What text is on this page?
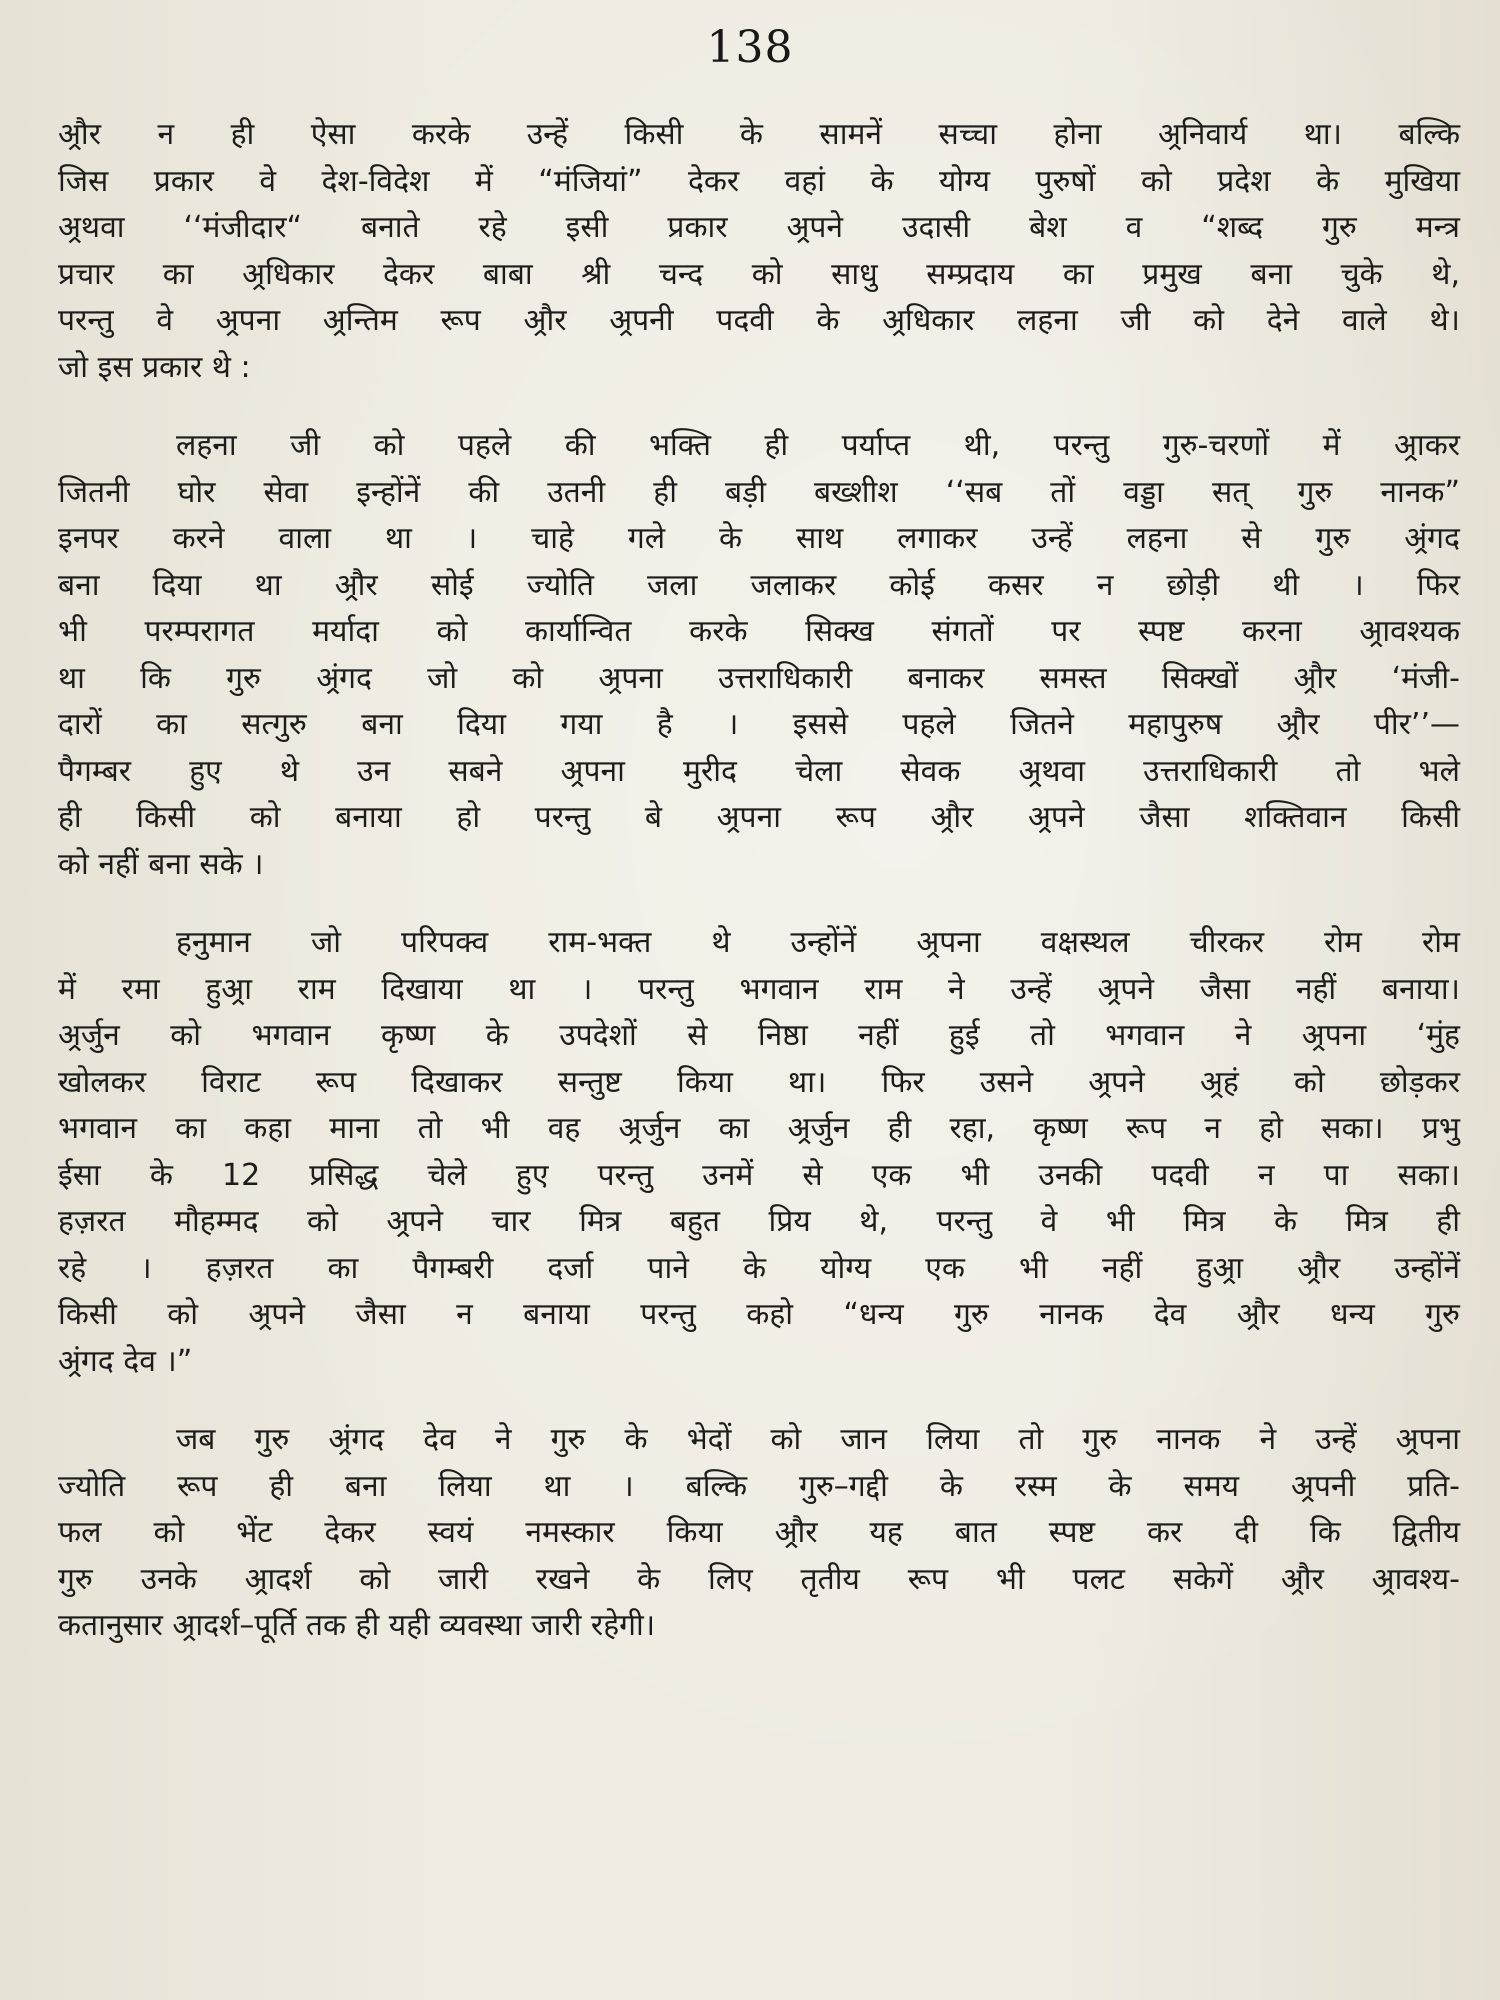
138
अ्रौर न ही ऐसा करके उन्हें किसी के सामनें सच्चा होना अ्रनिवार्य था। बल्कि
जिस प्रकार वे देश-विदेश में “मंजियां” देकर वहां के योग्य पुरुषों को प्रदेश के मुखिया
अ्रथवा ‘‘मंजीदार“ बनाते रहे इसी प्रकार अ्रपने उदासी बेश व “शब्द गुरु मन्त्र
प्रचार का अ्रधिकार देकर बाबा श्री चन्द को साधु सम्प्रदाय का प्रमुख बना चुके थे,
परन्तु वे अ्रपना अ्रन्तिम रूप अ्रौर अ्रपनी पदवी के अ्रधिकार लहना जी को देने वाले थे।
जो इस प्रकार थे :
लहना जी को पहले की भक्ति ही पर्याप्त थी, परन्तु गुरु-चरणों में अ्राकर
जितनी घोर सेवा इन्होंनें की उतनी ही बड़ी बख्शीश ‘‘सब तों वड्डा सत् गुरु नानक”
इनपर करने वाला था । चाहे गले के साथ लगाकर उन्हें लहना से गुरु अ्रंगद
बना दिया था अ्रौर सोई ज्योति जला जलाकर कोई कसर न छोड़ी थी । फिर
भी परम्परागत मर्यादा को कार्यान्वित करके सिक्ख संगतों पर स्पष्ट करना अ्रावश्यक
था कि गुरु अ्रंगद जो को अ्रपना उत्तराधिकारी बनाकर समस्त सिक्खों अ्रौर ‘मंजी-
दारों का सत्गुरु बना दिया गया है । इससे पहले जितने महापुरुष अ्रौर पीर’’—
पैगम्बर हुए थे उन सबने अ्रपना मुरीद चेला सेवक अ्रथवा उत्तराधिकारी तो भले
ही किसी को बनाया हो परन्तु बे अ्रपना रूप अ्रौर अ्रपने जैसा शक्तिवान किसी
को नहीं बना सके ।
हनुमान जो परिपक्व राम-भक्त थे उन्होंनें अ्रपना वक्षस्थल चीरकर रोम रोम
में रमा हुअ्रा राम दिखाया था । परन्तु भगवान राम ने उन्हें अ्रपने जैसा नहीं बनाया।
अ्रर्जुन को भगवान कृष्ण के उपदेशों से निष्ठा नहीं हुई तो भगवान ने अ्रपना ‘मुंह
खोलकर विराट रूप दिखाकर सन्तुष्ट किया था। फिर उसने अ्रपने अ्रहं को छोड़कर
भगवान का कहा माना तो भी वह अ्रर्जुन का अ्रर्जुन ही रहा, कृष्ण रूप न हो सका। प्रभु
ईसा के 12 प्रसिद्ध चेले हुए परन्तु उनमें से एक भी उनकी पदवी न पा सका।
हज़रत मौहम्मद को अ्रपने चार मित्र बहुत प्रिय थे, परन्तु वे भी मित्र के मित्र ही
रहे । हज़रत का पैगम्बरी दर्जा पाने के योग्य एक भी नहीं हुअ्रा अ्रौर उन्होंनें
किसी को अ्रपने जैसा न बनाया परन्तु कहो “धन्य गुरु नानक देव अ्रौर धन्य गुरु
अ्रंगद देव ।”
जब गुरु अ्रंगद देव ने गुरु के भेदों को जान लिया तो गुरु नानक ने उन्हें अ्रपना
ज्योति रूप ही बना लिया था । बल्कि गुरु–गद्दी के रस्म के समय अ्रपनी प्रति-
फल को भेंट देकर स्वयं नमस्कार किया अ्रौर यह बात स्पष्ट कर दी कि द्वितीय
गुरु उनके अ्रादर्श को जारी रखने के लिए तृतीय रूप भी पलट सकेगें अ्रौर अ्रावश्य-
कतानुसार अ्रादर्श–पूर्ति तक ही यही व्यवस्था जारी रहेगी।
